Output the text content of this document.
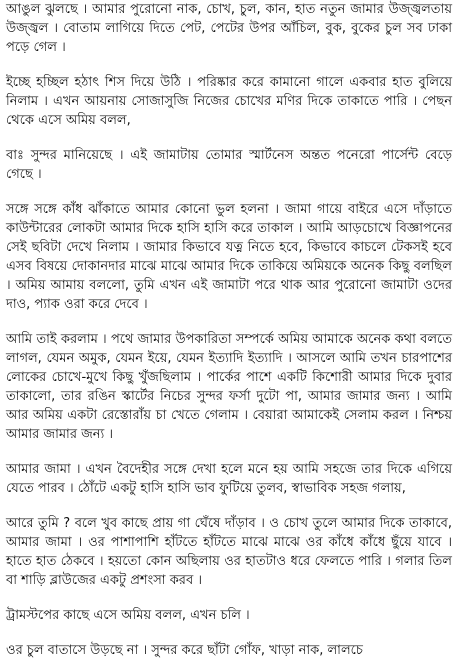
আঙুল ঝুলছে । আমার পুরোনো নাক, চোখ, চুল, কান, হাত নতুন জামার উজ্জ্বলতায় উজ্জ্বল । বোতাম লাগিয়ে দিতে পেট, পেটের উপর আঁচিল, বুক, বুকের চুল সব ঢাকা পড়ে গেল ।

ইচ্ছে হচ্ছিল হঠাৎ শিস দিয়ে উঠি । পরিষ্কার করে কামানো গালে একবার হাত বুলিয়ে নিলাম । এখন আয়নায় সোজাসুজি নিজের চোখের মণির দিকে তাকাতে পারি । পেছন থেকে এসে অমিয় বলল,

বাঃ সুন্দর মানিয়েছে । এই জামাটায় তোমার স্মার্টনেস অন্তত পনেরো পার্সেন্ট বেড়ে গেছে ।

সঙ্গে সঙ্গে কাঁধ ঝাঁকাতে আমার কোনো ভুল হলনা । জামা গায়ে বাইরে এসে দাঁড়াতে কাউন্টারের লোকটা আমার দিকে হাসি হাসি করে তাকাল । আমি আড়চোখে বিজ্ঞাপনের সেই ছবিটা দেখে নিলাম । জামার কিভাবে যত্ন নিতে হবে, কিভাবে কাচলে টেকসই হবে এসব বিষয়ে দোকানদার মাঝে মাঝে আমার দিকে তাকিয়ে অমিয়কে অনেক কিছু বলছিল । অমিয় আমায় বললো, তুমি এখন এই জামাটা পরে থাক আর পুরোনো জামাটা ওদের দাও, প্যাক ওরা করে দেবে ।

আমি তাই করলাম । পথে জামার উপকারিতা সম্পর্কে অমিয় আমাকে অনেক কথা বলতে লাগল, যেমন অমুক, যেমন ইয়ে, যেমন ইত্যাদি ইত্যাদি । আসলে আমি তখন চারপাশের লোকের চোখে-মুখে কিছু খুঁজছিলাম । পার্কের পাশে একটি কিশোরী আমার দিকে দুবার তাকালো, তার রঙিন স্কার্টের নিচের সুন্দর ফর্সা দুটো পা, আমার জামার জন্য । আমি আর অমিয় একটা রেস্তোরাঁয় চা খেতে গেলাম । বেয়ারা আমাকেই সেলাম করল । নিশ্চয় আমার জামার জন্য ।

আমার জামা । এখন বৈদেহীর সঙ্গে দেখা হলে মনে হয় আমি সহজে তার দিকে এগিয়ে যেতে পারব । ঠোঁটে একটু হাসি হাসি ভাব ফুটিয়ে তুলব, স্বাভাবিক সহজ গলায়,

আরে তুমি ? বলে খুব কাছে প্রায় গা ঘেঁষে দাঁড়াব । ও চোখ তুলে আমার দিকে তাকাবে, আমার জামা । ওর পাশাপাশি হাঁটতে হাঁটতে মাঝে মাঝে ওর কাঁধে কাঁধে ছুঁয়ে যাবে । হাতে হাত ঠেকবে । হয়তো কোন অছিলায় ওর হাতটাও ধরে ফেলতে পারি । গলার তিল বা শাড়ি ব্লাউজের একটু প্রশংসা করব ।

ট্রামস্টপের কাছে এসে অমিয় বলল, এখন চলি ।

ওর চুল বাতাসে উড়ছে না । সুন্দর করে ছাঁটা গোঁফ, খাড়া নাক, লালচে
